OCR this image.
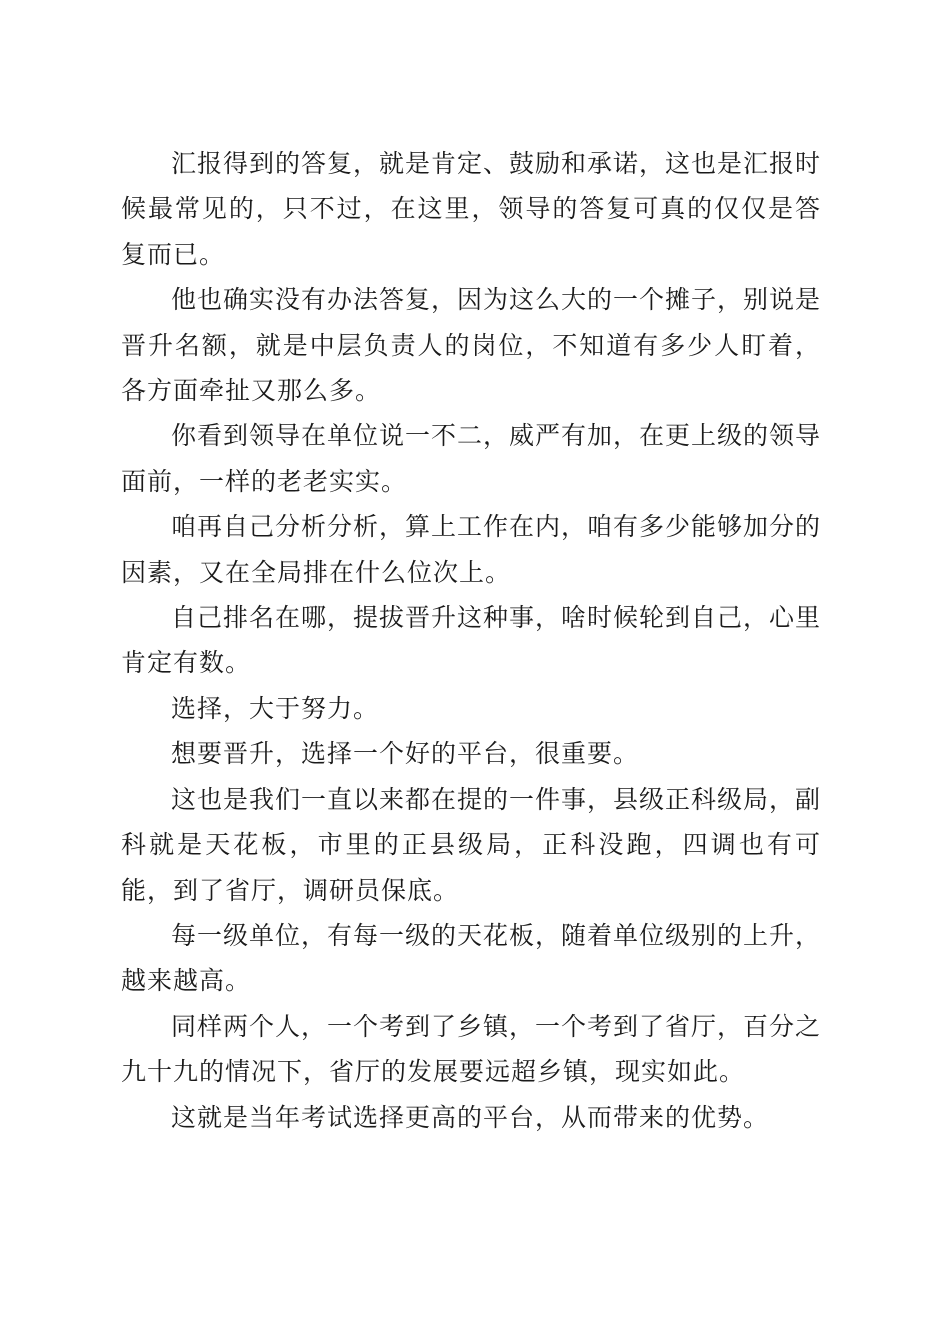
汇报得到的答复，就是肯定、鼓励和承诺，这也是汇报时候最常见的，只不过，在这里，领导的答复可真的仅仅是答复而已。

他也确实没有办法答复，因为这么大的一个摊子，别说是晋升名额，就是中层负责人的岗位，不知道有多少人盯着，各方面牵扯又那么多。

你看到领导在单位说一不二，威严有加，在更上级的领导面前，一样的老老实实。

咱再自己分析分析，算上工作在内，咱有多少能够加分的因素，又在全局排在什么位次上。

自己排名在哪，提拔晋升这种事，啥时候轮到自己，心里肯定有数。

选择，大于努力。

想要晋升，选择一个好的平台，很重要。

这也是我们一直以来都在提的一件事，县级正科级局，副科就是天花板，市里的正县级局，正科没跑，四调也有可能，到了省厅，调研员保底。

每一级单位，有每一级的天花板，随着单位级别的上升，越来越高。

同样两个人，一个考到了乡镇，一个考到了省厅，百分之九十九的情况下，省厅的发展要远超乡镇，现实如此。

这就是当年考试选择更高的平台，从而带来的优势。
